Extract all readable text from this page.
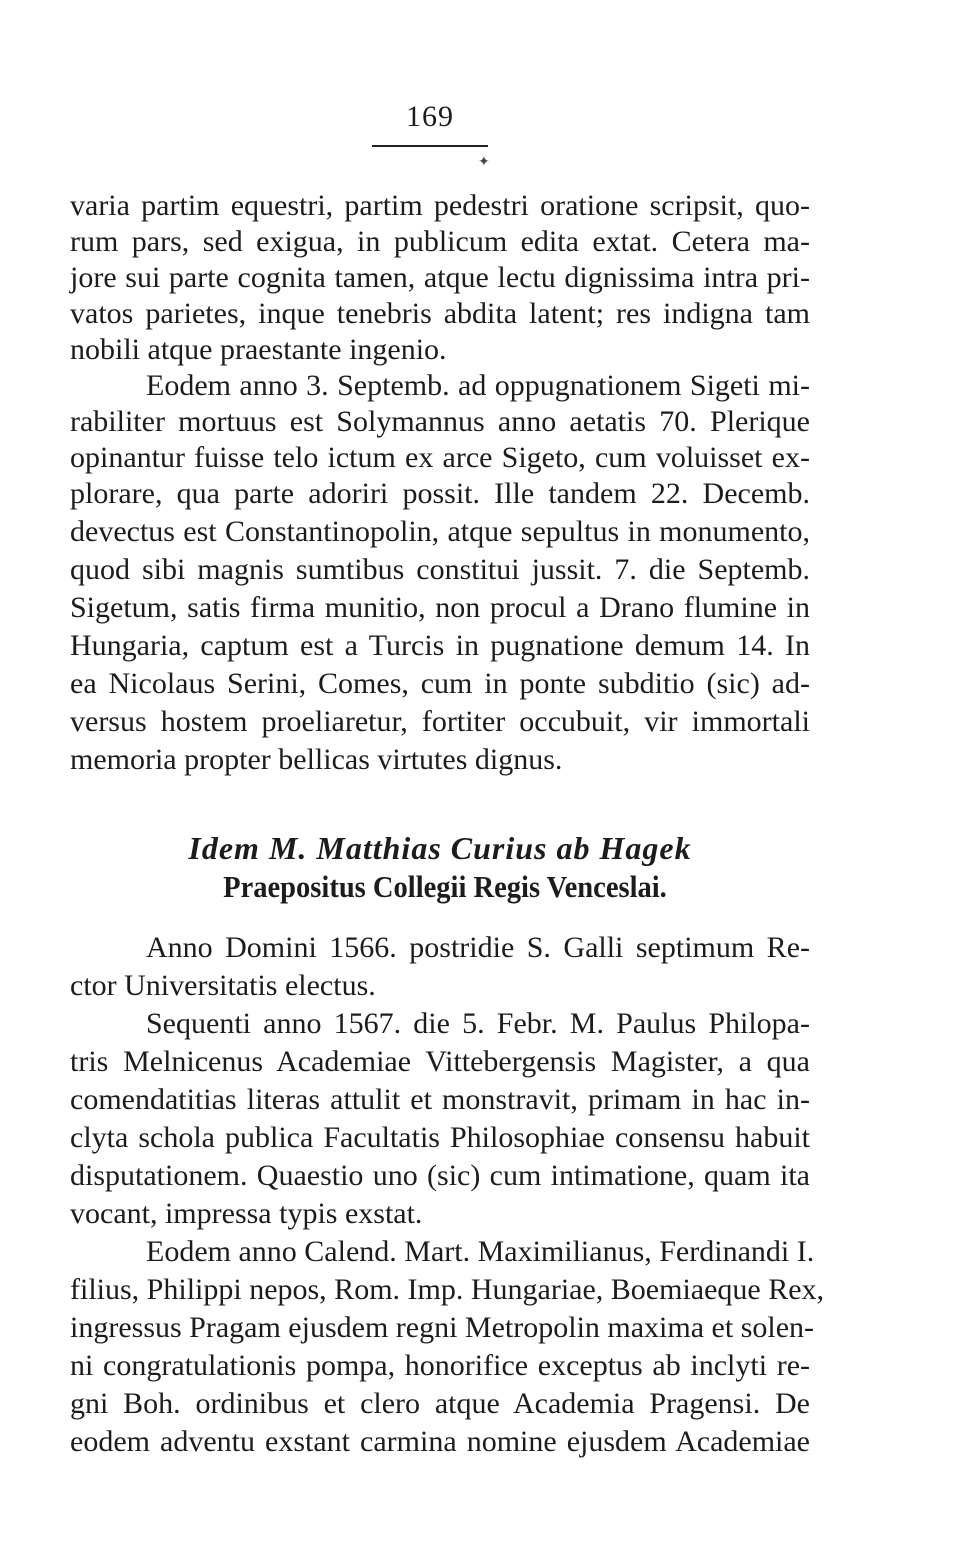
169
✦
varia partim equestri, partim pedestri oratione scripsit, quo-
rum pars, sed exigua, in publicum edita extat. Cetera ma-
jore sui parte cognita tamen, atque lectu dignissima intra pri-
vatos parietes, inque tenebris abdita latent; res indigna tam
nobili atque praestante ingenio.
Eodem anno 3. Septemb. ad oppugnationem Sigeti mi-
rabiliter mortuus est Solymannus anno aetatis 70. Plerique
opinantur fuisse telo ictum ex arce Sigeto, cum voluisset ex-
plorare, qua parte adoriri possit. Ille tandem 22. Decemb.
devectus est Constantinopolin, atque sepultus in monumento,
quod sibi magnis sumtibus constitui jussit. 7. die Septemb.
Sigetum, satis firma munitio, non procul a Drano flumine in
Hungaria, captum est a Turcis in pugnatione demum 14. In
ea Nicolaus Serini, Comes, cum in ponte subditio (sic) ad-
versus hostem proeliaretur, fortiter occubuit, vir immortali
memoria propter bellicas virtutes dignus.
Idem M. Matthias Curius ab Hagek
Praepositus Collegii Regis Venceslai.
Anno Domini 1566. postridie S. Galli septimum Re-
ctor Universitatis electus.
Sequenti anno 1567. die 5. Febr. M. Paulus Philopa-
tris Melnicenus Academiae Vittebergensis Magister, a qua
comendatitias literas attulit et monstravit, primam in hac in-
clyta schola publica Facultatis Philosophiae consensu habuit
disputationem. Quaestio uno (sic) cum intimatione, quam ita
vocant, impressa typis exstat.
Eodem anno Calend. Mart. Maximilianus, Ferdinandi I.
filius, Philippi nepos, Rom. Imp. Hungariae, Boemiaeque Rex,
ingressus Pragam ejusdem regni Metropolin maxima et solen-
ni congratulationis pompa, honorifice exceptus ab inclyti re-
gni Boh. ordinibus et clero atque Academia Pragensi. De
eodem adventu exstant carmina nomine ejusdem Academiae
